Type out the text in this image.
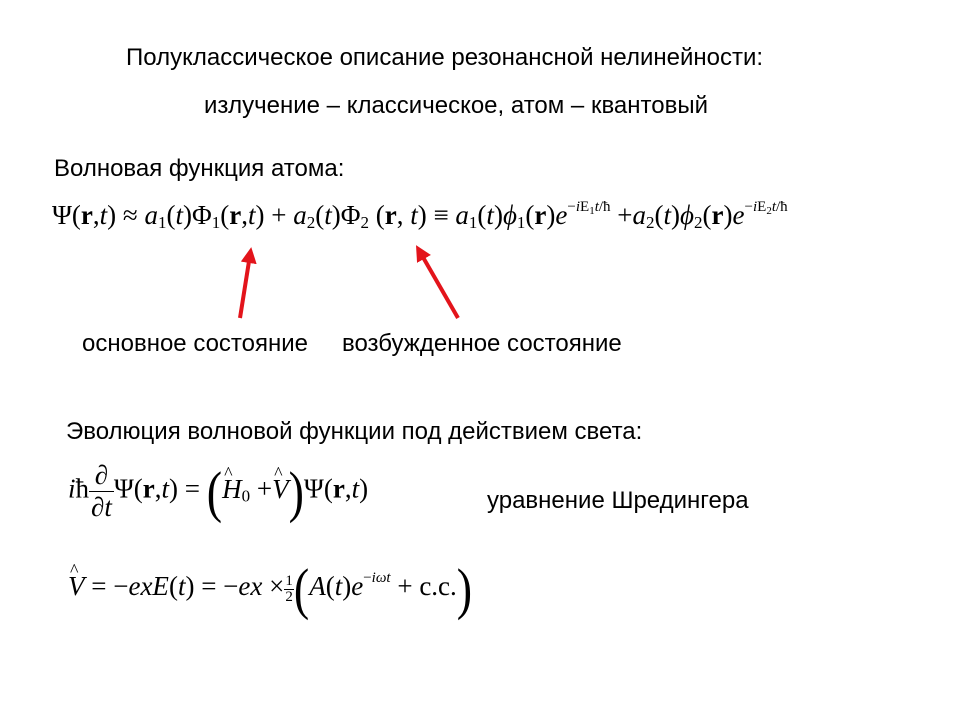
Полуклассическое описание резонансной нелинейности:
излучение – классическое, атом – квантовый
Волновая функция атома:
$\Psi(r,t) \approx a_1(t)\Phi_1(r,t) + a_2(t)\Phi_2$ (r, $t) \equiv a_1(t)\phi_1(r)e^{-iE_1t/ħ} +a_2(t)\phi_2(r)e^{-iE_2t/ħ}$
основное состояние возбужденное состояние
Эволюция волновой функции под действием света:
iħ $\frac{\partial}{\partial t} \Psi(r,t) = (H$ $\^{}_0 +V$ ^)Ψ(r,t)	уравнение Шредингера
V ^ = $-exE(t) = -ex \times \frac{1}{2} (A(t)e^{-i\omega t} + c.c.)$
